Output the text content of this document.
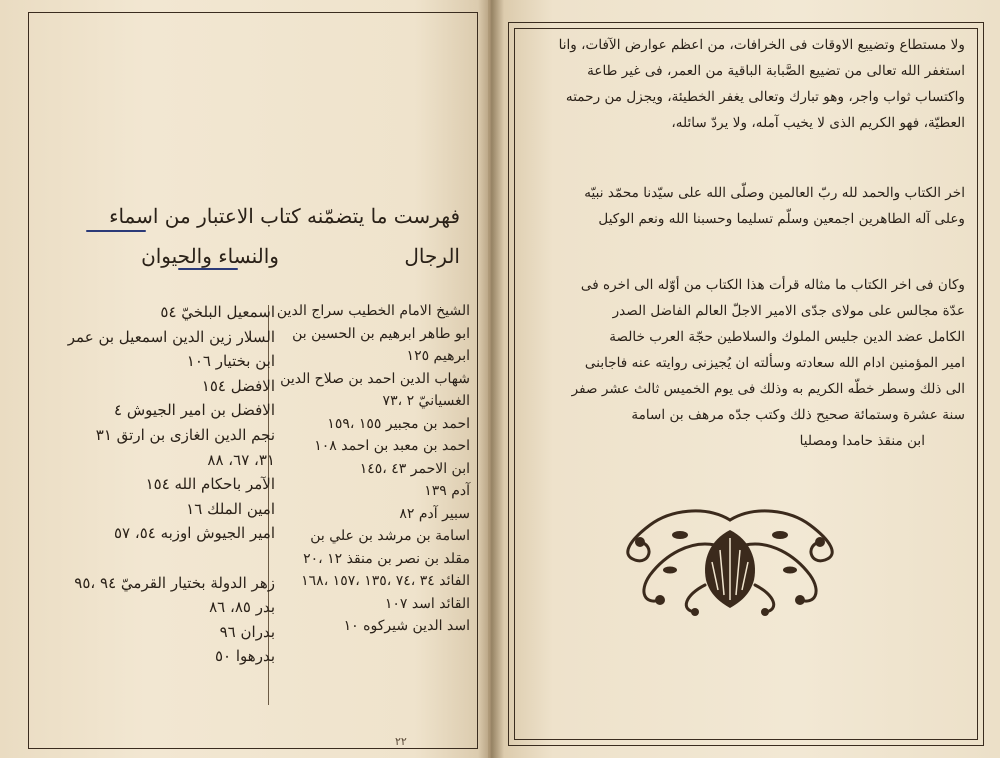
فهرست ما يتضمّنه كتاب الاعتبار من اسماء الرجال
والنساء والحيوان
الشيخ الامام الخطيب سراج الدين
ابو طاهر ابرهيم بن الحسين بن
ابرهيم ١٢٥
شهاب الدين احمد بن صلاح الدين
الغسيانيّ ٢ ،٧٣
احمد بن مجبير ١٥٥ ،١٥٩
احمد بن معبد بن احمد ١٠٨
ابن الاحمر ٤٣ ،١٤٥
آدم ١٣٩
سبير آدم ٨٢
اسامة بن مرشد بن علي بن
مقلد بن نصر بن منقذ ١٢ ،٢٠
الفائد ٣٤ ،٧٤ ،١٣٥ ،١٥٧ ،١٦٨
القائد اسد ١٠٧
اسد الدين شيركوه ١٠
اسمعيل البلخيّ ٥٤
السلار زين الدين اسمعيل بن عمر
ابن بختيار ١٠٦
الافضل ١٥٤
الافضل بن امير الجيوش ٤
نجم الدين الغازى بن ارتق ٣١
٣١، ٦٧، ٨٨
الآمر باحكام الله ١٥٤
امين الملك ١٦
امير الجيوش اوزبه ٥٤، ٥٧
زهر الدولة بختيار القرميّ ٩٤ ،٩٥
بدر ٨٥، ٨٦
بدران ٩٦
بدرهوا ٥٠
٢٢
ولا مستطاع وتضييع الاوقات فى الخرافات، من اعظم عوارض الآفات، وانا
استغفر الله تعالى من تضييع الصَّبابة الباقية من العمر، فى غير طاعة
واكتساب ثواب واجر، وهو تبارك وتعالى يغفر الخطيئة، ويجزل من رحمته
العطيّة، فهو الكريم الذى لا يخيب آمله، ولا يردّ سائله،
اخر الكتاب والحمد لله ربّ العالمين وصلّى الله على سيّدنا محمّد نبيّه
وعلى آله الطاهرين اجمعين وسلّم تسليما وحسبنا الله ونعم الوكيل
وكان فى اخر الكتاب ما مثاله قرأت هذا الكتاب من أوّله الى اخره فى
عدّة مجالس على مولاى جدّى الامير الاجلّ العالم الفاضل الصدر
الكامل عضد الدين جليس الملوك والسلاطين حجّة العرب خالصة
امير المؤمنين ادام الله سعادته وسألته ان يُجيزنى روايته عنه فاجابنى
الى ذلك وسطر خطّه الكريم به وذلك فى يوم الخميس ثالث عشر صفر
سنة عشرة وستمائة صحيح ذلك وكتب جدّه مرهف بن اسامة
ابن منقذ حامدا ومصليا
